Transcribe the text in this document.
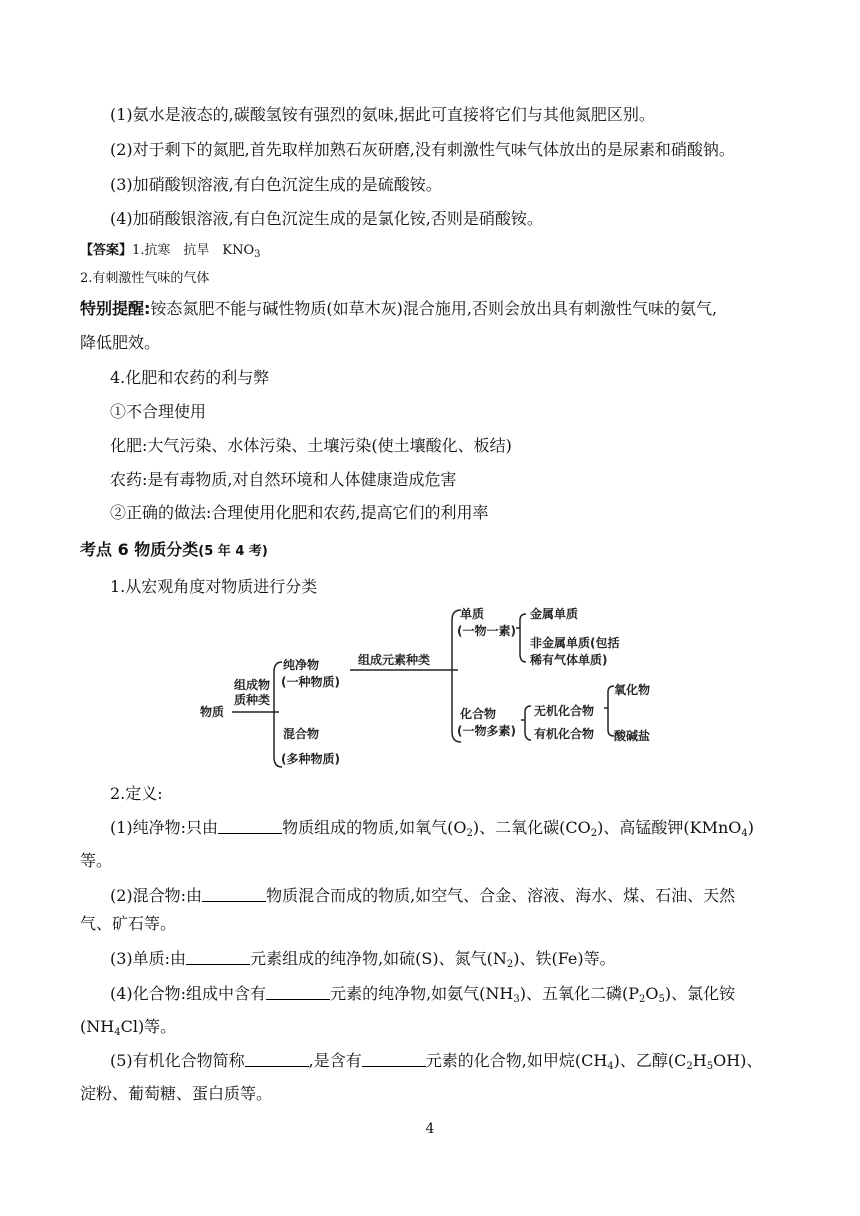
(1)氨水是液态的,碳酸氢铵有强烈的氨味,据此可直接将它们与其他氮肥区别。
(2)对于剩下的氮肥,首先取样加熟石灰研磨,没有刺激性气味气体放出的是尿素和硝酸钠。
(3)加硝酸钡溶液,有白色沉淀生成的是硫酸铵。
(4)加硝酸银溶液,有白色沉淀生成的是氯化铵,否则是硝酸铵。
【答案】1.抗寒　抗旱　$KNO_3$
2.有刺激性气味的气体
特别提醒:铵态氮肥不能与碱性物质(如草木灰)混合施用,否则会放出具有刺激性气味的氨气,
降低肥效。
4.化肥和农药的利与弊
①不合理使用
化肥:大气污染、水体污染、土壤污染(使土壤酸化、板结)
农药:是有毒物质,对自然环境和人体健康造成危害
②正确的做法:合理使用化肥和农药,提高它们的利用率
考点 6 物质分类(5 年 4 考)
1.从宏观角度对物质进行分类
物质
组成物
质种类
纯净物
(一种物质)
混合物
(多种物质)
组成元素种类
单质
(一物一素)
化合物
(一物多素)
金属单质
非金属单质(包括
稀有气体单质)
无机化合物
有机化合物
氧化物
酸碱盐
2.定义:
(1)纯净物:只由	物质组成的物质,如氧气$(O_2)$、二氧化碳$(CO_2)$、高锰酸钾(KMnO$_4$)
等。
(2)混合物:由	物质混合而成的物质,如空气、合金、溶液、海水、煤、石油、天然
气、矿石等。
(3)单质:由	元素组成的纯净物,如硫(S)、氮气$(N_2)$、铁(Fe)等。
(4)化合物:组成中含有	元素的纯净物,如氨气$(NH_3)$、五氧化二磷$(P_2O_5)$、氯化铵
$(NH_4Cl)$等。
(5)有机化合物简称	,是含有	元素的化合物,如甲烷$(CH_4)$、乙醇$(C_2H_5OH)$、
淀粉、葡萄糖、蛋白质等。
4
